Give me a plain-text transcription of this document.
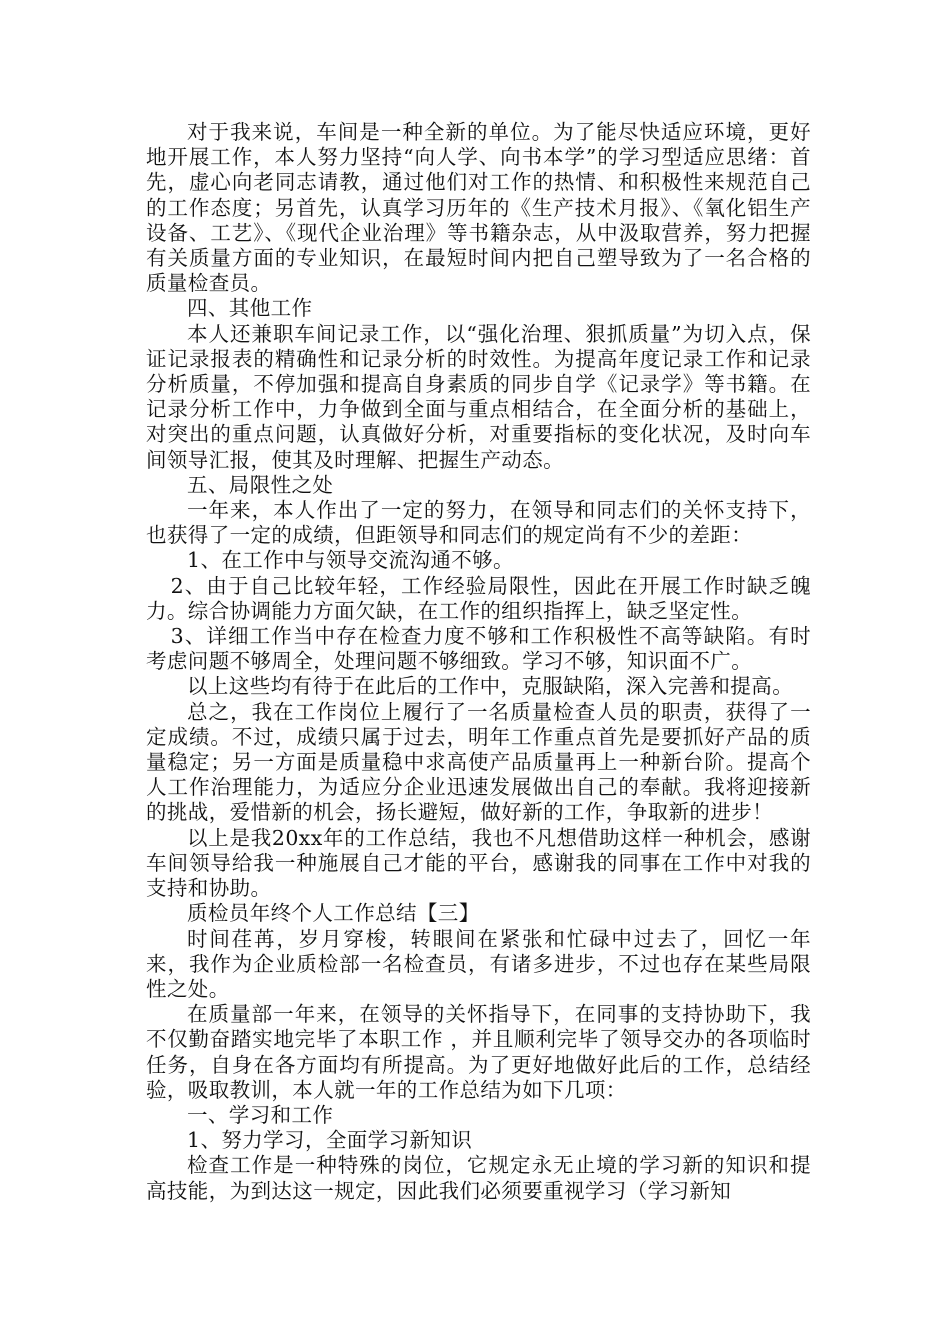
对于我来说，车间是一种全新的单位。为了能尽快适应环境，更好地开展工作，本人努力坚持“向人学、向书本学”的学习型适应思绪：首先，虚心向老同志请教，通过他们对工作的热情、和积极性来规范自己的工作态度；另首先，认真学习历年的《生产技术月报》、《氧化铝生产设备、工艺》、《现代企业治理》等书籍杂志，从中汲取营养，努力把握有关质量方面的专业知识，在最短时间内把自己塑导致为了一名合格的质量检查员。

四、其他工作

本人还兼职车间记录工作，以“强化治理、狠抓质量”为切入点，保证记录报表的精确性和记录分析的时效性。为提高年度记录工作和记录分析质量，不停加强和提高自身素质的同步自学《记录学》等书籍。在记录分析工作中，力争做到全面与重点相结合，在全面分析的基础上，对突出的重点问题，认真做好分析，对重要指标的变化状况，及时向车间领导汇报，使其及时理解、把握生产动态。

五、局限性之处

一年来，本人作出了一定的努力，在领导和同志们的关怀支持下，也获得了一定的成绩，但距领导和同志们的规定尚有不少的差距：

1、在工作中与领导交流沟通不够。

2、由于自己比较年轻，工作经验局限性，因此在开展工作时缺乏魄力。综合协调能力方面欠缺，在工作的组织指挥上，缺乏坚定性。

3、详细工作当中存在检查力度不够和工作积极性不高等缺陷。有时考虑问题不够周全，处理问题不够细致。学习不够，知识面不广。

以上这些均有待于在此后的工作中，克服缺陷，深入完善和提高。

总之，我在工作岗位上履行了一名质量检查人员的职责，获得了一定成绩。不过，成绩只属于过去，明年工作重点首先是要抓好产品的质量稳定；另一方面是质量稳中求高使产品质量再上一种新台阶。提高个人工作治理能力，为适应分企业迅速发展做出自己的奉献。我将迎接新的挑战，爱惜新的机会，扬长避短，做好新的工作，争取新的进步！

以上是我20xx年的工作总结，我也不凡想借助这样一种机会，感谢车间领导给我一种施展自己才能的平台，感谢我的同事在工作中对我的支持和协助。

质检员年终个人工作总结【三】

时间荏苒，岁月穿梭，转眼间在紧张和忙碌中过去了，回忆一年来，我作为企业质检部一名检查员，有诸多进步，不过也存在某些局限性之处。

在质量部一年来，在领导的关怀指导下，在同事的支持协助下，我不仅勤奋踏实地完毕了本职工作 ，并且顺利完毕了领导交办的各项临时任务，自身在各方面均有所提高。为了更好地做好此后的工作，总结经验，吸取教训，本人就一年的工作总结为如下几项：

一、学习和工作

1、努力学习，全面学习新知识

检查工作是一种特殊的岗位，它规定永无止境的学习新的知识和提高技能，为到达这一规定，因此我们必须要重视学习（学习新知
